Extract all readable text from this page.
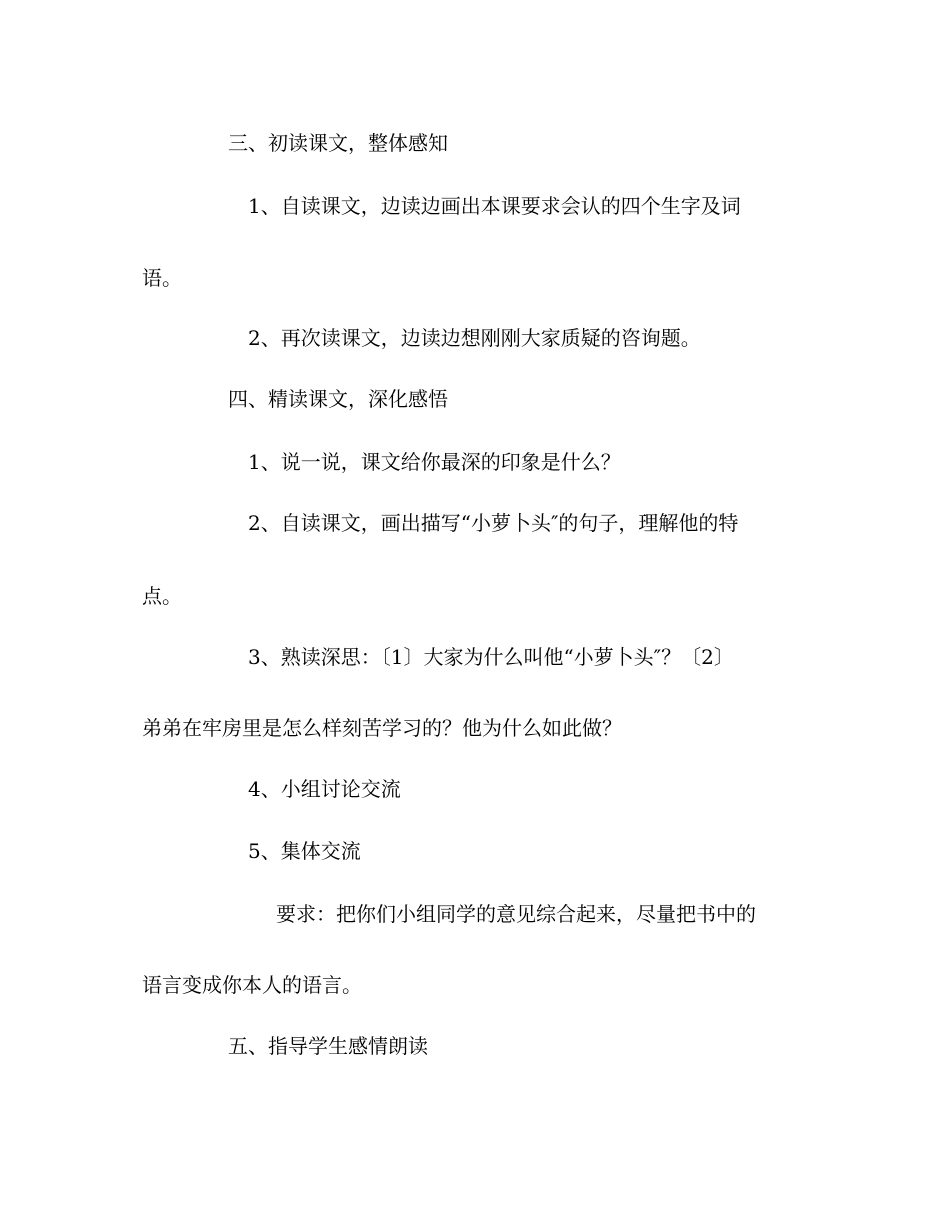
三、初读课文，整体感知

1、自读课文，边读边画出本课要求会认的四个生字及词

语。

2、再次读课文，边读边想刚刚大家质疑的咨询题。

四、精读课文，深化感悟

1、说一说，课文给你最深的印象是什么？

2、自读课文，画出描写“小萝卜头″的句子，理解他的特

点。

3、熟读深思：〔1〕大家为什么叫他“小萝卜头″？〔2〕

弟弟在牢房里是怎么样刻苦学习的？他为什么如此做？

4、小组讨论交流

5、集体交流

要求：把你们小组同学的意见综合起来，尽量把书中的

语言变成你本人的语言。

五、指导学生感情朗读
